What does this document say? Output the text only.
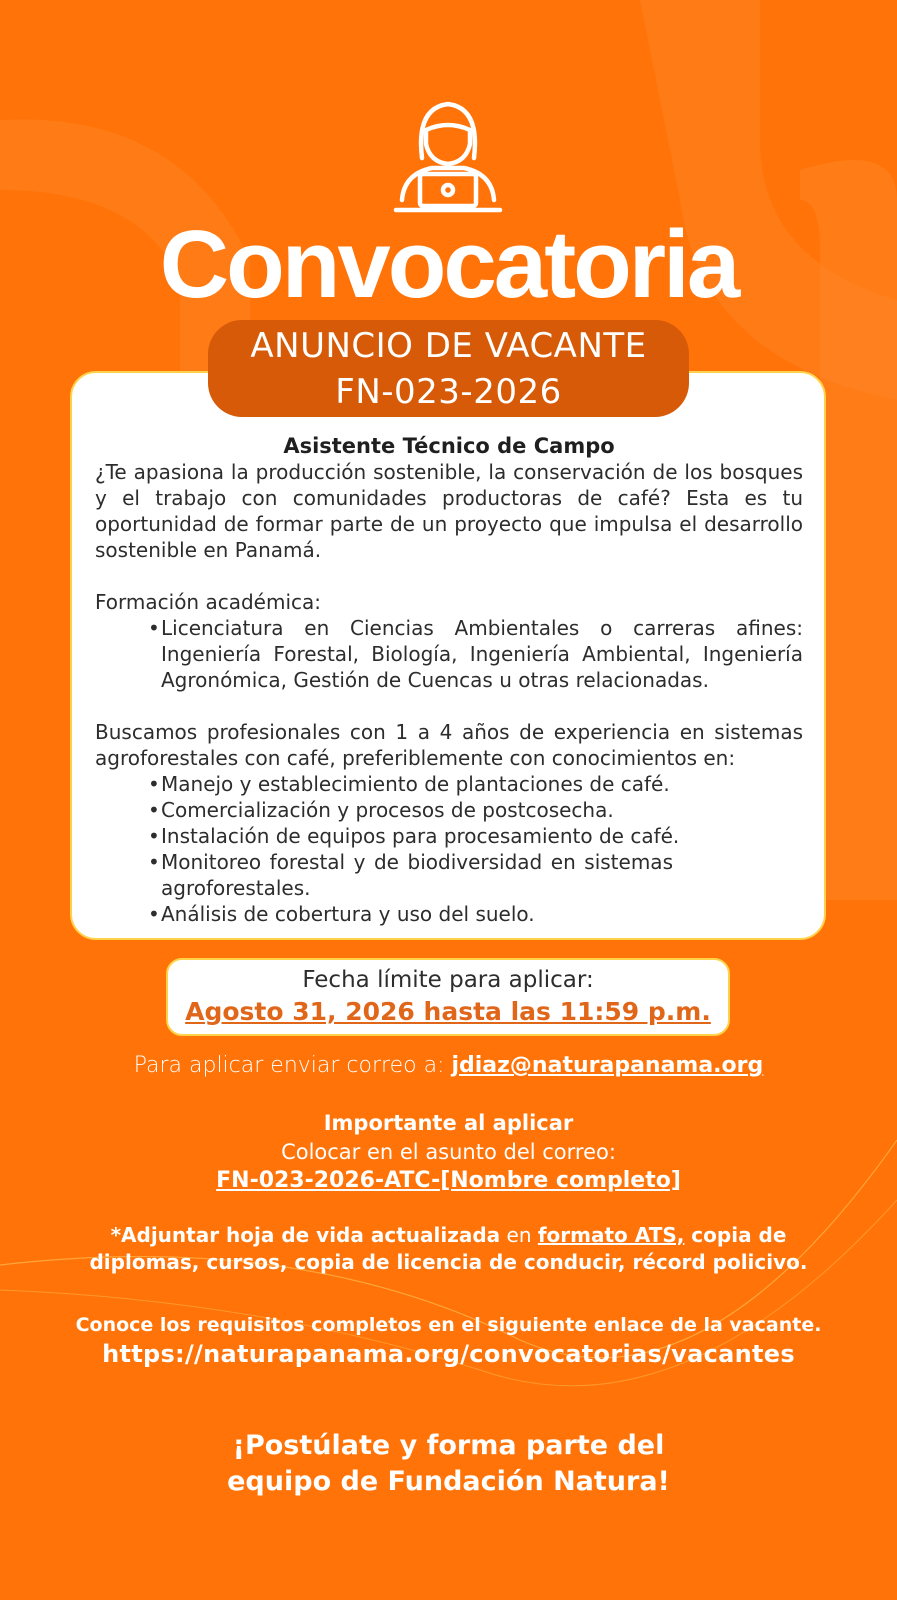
Convocatoria
ANUNCIO DE VACANTE
FN-023-2026

Asistente Técnico de Campo

¿Te apasiona la producción sostenible, la conservación de los bosques y el trabajo con comunidades productoras de café? Esta es tu oportunidad de formar parte de un proyecto que impulsa el desarrollo sostenible en Panamá.

Formación académica:

• Licenciatura en Ciencias Ambientales o carreras afines: Ingeniería Forestal, Biología, Ingeniería Ambiental, Ingeniería Agronómica, Gestión de Cuencas u otras relacionadas.

Buscamos profesionales con 1 a 4 años de experiencia en sistemas agroforestales con café, preferiblemente con conocimientos en:

• Manejo y establecimiento de plantaciones de café.
• Comercialización y procesos de postcosecha.
• Instalación de equipos para procesamiento de café.
• Monitoreo forestal y de biodiversidad en sistemas agroforestales.
• Análisis de cobertura y uso del suelo.
Fecha límite para aplicar:
Agosto 31, 2026 hasta las 11:59 p.m.
Para aplicar enviar correo a: jdiaz@naturapanama.org
Importante al aplicar
Colocar en el asunto del correo:
FN-023-2026-ATC-[Nombre completo]
*Adjuntar hoja de vida actualizada en formato ATS, copia de
diplomas, cursos, copia de licencia de conducir, récord policivo.
Conoce los requisitos completos en el siguiente enlace de la vacante.
https://naturapanama.org/convocatorias/vacantes
¡Postúlate y forma parte del
equipo de Fundación Natura!
